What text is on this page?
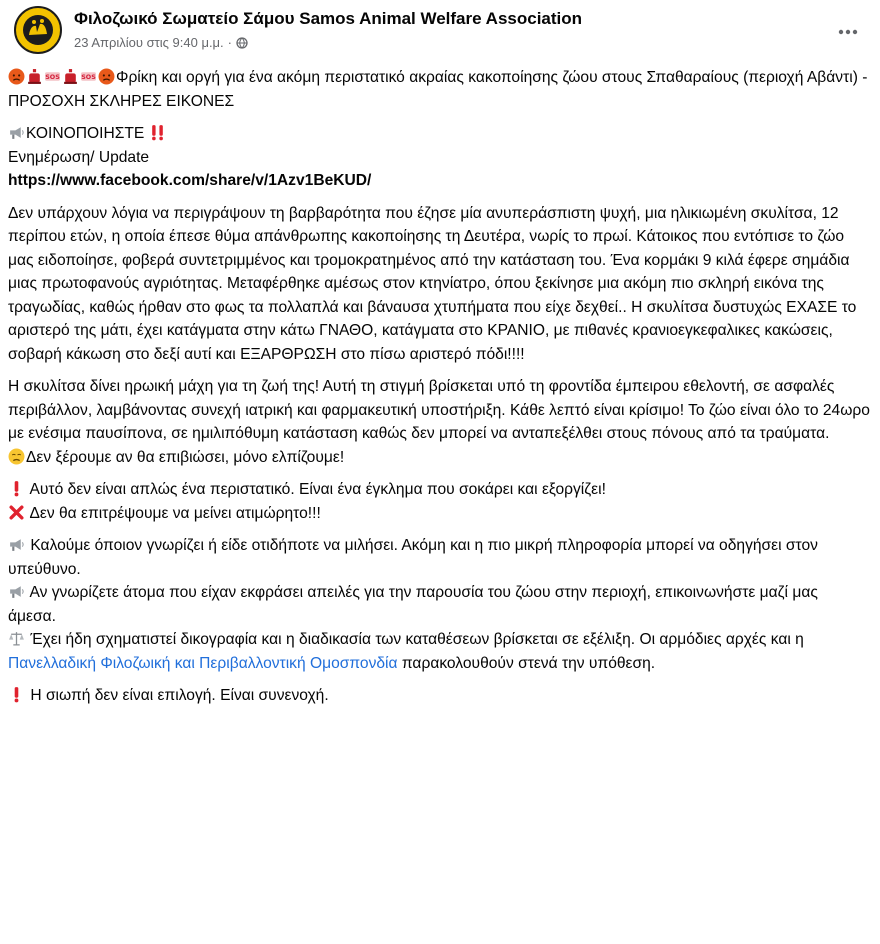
Φιλοζωικό Σωματείο Σάμου Samos Animal Welfare Association
23 Απριλίου στις 9:40 μ.μ. ·

SOS	SOS Φρίκη και οργή για ένα ακόμη περιστατικό ακραίας κακοποίησης ζώου στους Σπαθαραίους (περιοχή Αβάντι) -
ΠΡΟΣΟΧΗ ΣΚΛΗΡΕΣ ΕΙΚΟΝΕΣ

ΚΟΙΝΟΠΟΙΗΣΤΕ
Ενημέρωση/ Update
https://www.facebook.com/share/v/1Azv1BeKUD/

Δεν υπάρχουν λόγια να περιγράψουν τη βαρβαρότητα που έζησε μία ανυπεράσπιστη ψυχή, μια ηλικιωμένη σκυλίτσα, 12 περίπου ετών, η οποία έπεσε θύμα απάνθρωπης κακοποίησης τη Δευτέρα, νωρίς το πρωί. Κάτοικος που εντόπισε το ζώο μας ειδοποίησε, φοβερά συντετριμμένος και τρομοκρατημένος από την κατάσταση του. Ένα κορμάκι 9 κιλά έφερε σημάδια μιας πρωτοφανούς αγριότητας. Μεταφέρθηκε αμέσως στον κτηνίατρο, όπου ξεκίνησε μια ακόμη πιο σκληρή εικόνα της τραγωδίας, καθώς ήρθαν στο φως τα πολλαπλά και βάναυσα χτυπήματα που είχε δεχθεί.. Η σκυλίτσα δυστυχώς ΕΧΑΣΕ το αριστερό της μάτι, έχει κατάγματα στην κάτω ΓΝΑΘΟ, κατάγματα στο ΚΡΑΝΙΟ, με πιθανές κρανιοεγκεφαλικες κακώσεις, σοβαρή κάκωση στο δεξί αυτί και ΕΞΑΡΘΡΩΣΗ στο πίσω αριστερό πόδι!!!!

Η σκυλίτσα δίνει ηρωική μάχη για τη ζωή της! Αυτή τη στιγμή βρίσκεται υπό τη φροντίδα έμπειρου εθελοντή, σε ασφαλές περιβάλλον, λαμβάνοντας συνεχή ιατρική και φαρμακευτική υποστήριξη. Κάθε λεπτό είναι κρίσιμο! Το ζώο είναι όλο το 24ωρο με ενέσιμα παυσίπονα, σε ημιλιπόθυμη κατάσταση καθώς δεν μπορεί να ανταπεξέλθει στους πόνους από τα τραύματα.
Δεν ξέρουμε αν θα επιβιώσει, μόνο ελπίζουμε!

Αυτό δεν είναι απλώς ένα περιστατικό. Είναι ένα έγκλημα που σοκάρει και εξοργίζει!
Δεν θα επιτρέψουμε να μείνει ατιμώρητο!!!

Καλούμε όποιον γνωρίζει ή είδε οτιδήποτε να μιλήσει. Ακόμη και η πιο μικρή πληροφορία μπορεί να οδηγήσει στον υπεύθυνο.
Αν γνωρίζετε άτομα που είχαν εκφράσει απειλές για την παρουσία του ζώου στην περιοχή, επικοινωνήστε μαζί μας άμεσα.
Έχει ήδη σχηματιστεί δικογραφία και η διαδικασία των καταθέσεων βρίσκεται σε εξέλιξη. Οι αρμόδιες αρχές και η Πανελλαδική Φιλοζωική και Περιβαλλοντική Ομοσπονδία παρακολουθούν στενά την υπόθεση.

Η σιωπή δεν είναι επιλογή. Είναι συνενοχή.
